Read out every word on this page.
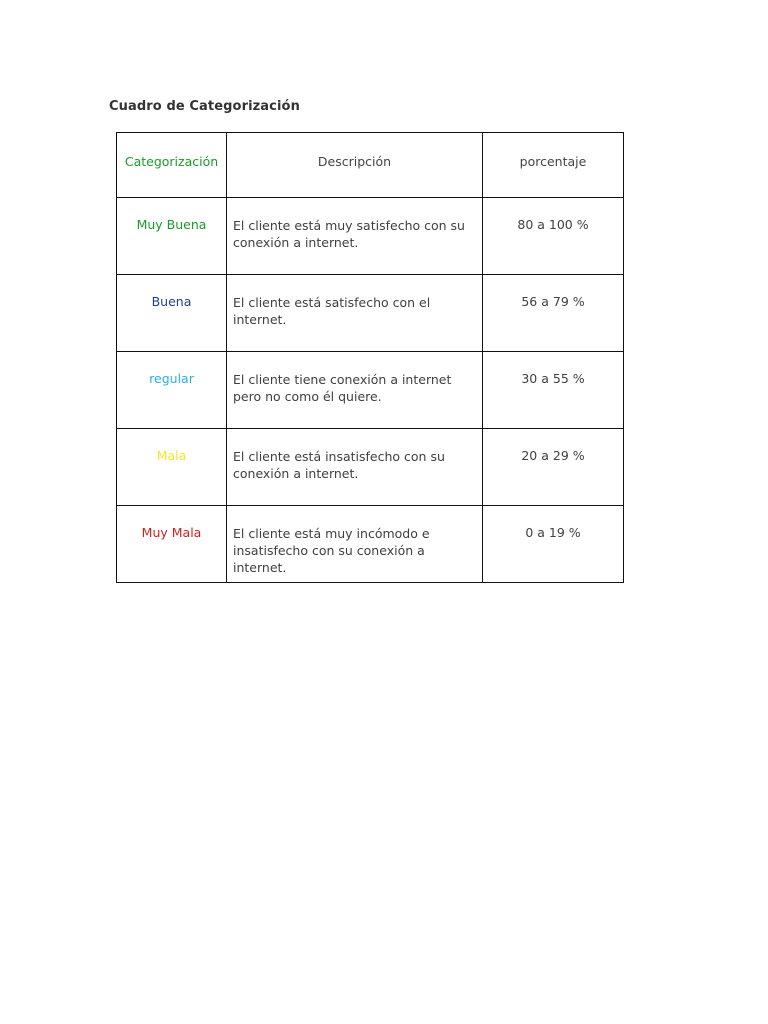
Cuadro de Categorización
Categorización	Descripción	porcentaje
Muy Buena	El cliente está muy satisfecho con su conexión a internet.	80 a 100 %
Buena	El cliente está satisfecho con el internet.	56 a 79 %
regular	El cliente tiene conexión a internet pero no como él quiere.	30 a 55 %
Mala	El cliente está insatisfecho con su conexión a internet.	20 a 29 %
Muy Mala	El cliente está muy incómodo e insatisfecho con su conexión a internet.	0 a 19 %
